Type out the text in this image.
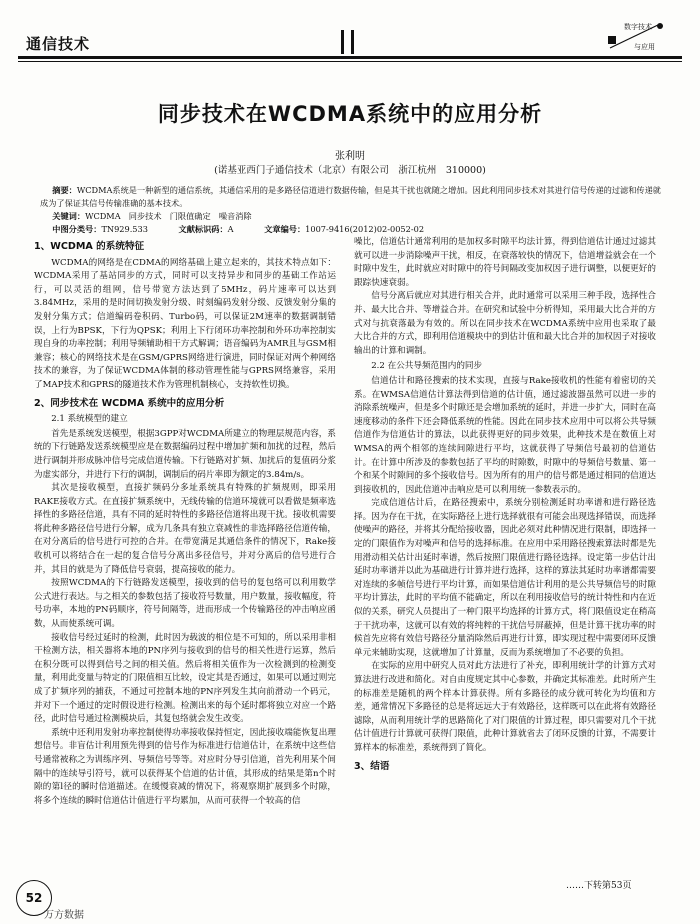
通信技术
数字技术
与应用
同步技术在WCDMA系统中的应用分析
张利明
(诺基亚西门子通信技术（北京）有限公司　浙江杭州　310000)

摘要：WCDMA系统是一种新型的通信系统，其通信采用的是多路径信道进行数据传输，但是其干扰也就随之增加。因此利用同步技术对其进行信号传递的过滤和传递就成为了保证其信号传输准确的基本技术。

关键词：WCDMA　同步技术　门限值确定　噪音消除

中图分类号：TN929.533	文献标识码：A	文章编号：1007-9416(2012)02-0052-02

1、WCDMA 的系统特征

WCDMA的网络是在CDMA的网络基础上建立起来的，其技术特点如下：WCDMA采用了基站同步的方式，同时可以支持异步和同步的基础工作站运行，可以灵活的组网，信号带宽方法达到了5MHz，码片速率可以达到3.84MHz，采用的是时间切换发射分级、时刻编码发射分级、反馈发射分集的发射分集方式；信道编码卷积码、Turbo码，可以保证2M速率的数据调制错误，上行为BPSK，下行为QPSK；利用上下行闭环功率控制和外环功率控制实现自身的功率控制；利用导频辅助相干方式解调；语音编码为AMR且与GSM相兼容；核心的网络技术是在GSM/GPRS网络进行演进，同时保证对两个种网络技术的兼容，为了保证WCDMA体制的移动管理性能与GPRS网络兼容，采用了MAP技术和GPRS的隧道技术作为管理机制核心，支持软性切换。

2、同步技术在 WCDMA 系统中的应用分析
2.1 系统模型的建立

首先是系统发送模型，根据3GPP对WCDMA所建立的物理层规范内容，系统的下行链路发送系统模型应是在数据编码过程中增加扩频和加扰的过程，然后进行调制并形成脉冲信号完成信道传输。下行链路对扩频、加扰后的复值码分浆为虚实部分，并进行下行的调制，调制后的码片率即为额定的3.84m/s。

其次是接收模型，直接扩频码分多址系统具有特殊的扩频规则，即采用RAKE接收方式。在直接扩频系统中，无线传输的信道环境就可以看做是频率选择性的多路径信道，具有不同的延时特性的多路径信道将出现干扰。接收机需要将此种多路径信号进行分解，成为几条具有独立衰减性的非选择路径信道传输，在对分离后的信号进行可控的合并。在带宽满足其通信条件的情况下，Rake接收机可以将结合在一起的复合信号分离出多径信号，并对分离后的信号进行合并，其目的就是为了降低信号衰弱，提高接收的能力。

按照WCDMA的下行链路发送模型，接收到的信号的复包络可以利用数学公式进行表达。与之相关的参数包括了接收符号数量，用户数量，接收幅度，符号功率，本地的PN码顺序，符号间隔等，进而形成一个传输路径的冲击响应函数，从而使系统可调。

接收信号经过延时的检测，此时因为载波的相位是不可知的，所以采用非相干检测方法，相关器将本地的PN序列与接收到的信号的相关性进行运算，然后在积分既可以得到信号之间的相关值。然后将相关值作为一次检测到的检测变量，利用此变量与特定的门限值相互比较，设定其是否通过，如果可以通过则完成了扩频序列的捕获，不通过可控制本地的PN序列发生其向前滑动一个码元，并对下一个通过的定时假设进行检测。检测出来的每个延时都将独立对应一个路径，此时信号通过检测模块后，其复包络就会发生改变。

系统中还利用发射功率控制使得功率接收保持恒定，因此接收端能恢复出理想信号。非盲估计利用预先得到的信号作为标准进行信道估计，在系统中这些信号通常被称之为训练序列、导频信号等等。对应时分导引信道，首先利用某个间隔中的连续导引符号，就可以获得某个信道的估计值，其形成的结果是第n个时隙的第l径的瞬时信道描述。在缓慢衰减的情况下，将观察期扩展到多个时隙，将多个连续的瞬时信道估计值进行平均累加，从而可获得一个较高的信

噪比，信道估计通常利用的是加权多时隙平均法计算，得到信道估计通过过滤其就可以进一步消除噪声干扰，相反，在衰落较快的情况下，信道增益就会在一个时隙中发生，此时就应对时隙中的符号间隔改变加权因子进行调整，以便更好的跟踪快速衰弱。

信号分离后就应对其进行相关合并，此时通常可以采用三种手段，选择性合并、最大比合并、等增益合并。在研究和试验中分析得知，采用最大比合并的方式对与抗衰落最为有效的。所以在同步技术在WCDMA系统中应用也采取了最大比合并的方式，即利用信道模块中的到估计值和最大比合并的加权因子对接收输出的计算和调制。

2.2 在公共导频范围内的同步

信道估计和路径搜索的技术实现，直接与Rake接收机的性能有着密切的关系。在WMSA信道估计算法得到信道的估计值，通过滤波器虽然可以进一步的消除系统噪声，但是多个时隙还是会增加系统的延时，并进一步扩大，同时在高速度移动的条件下还会降低系统的性能。因此在同步技术应用中可以将公共导频信道作为信道估计的算法，以此获得更好的同步效果，此种技术是在数值上对WMSA的两个相邻的连续间隙进行平均，这就获得了导频信号最初的信道估计。在计算中所涉及的参数包括了平均的时隙数，时隙中的导频信号数量、第一个和某个时隙间的多个接收信号。因为所有的用户的信号都是通过相同的信道达到接收机的，因此信道冲击响应是可以利用统一参数表示的。

完成信道估计后，在路径搜索中，系统分别检测延时功率谱和进行路径选择。因为存在干扰，在实际路径上进行选择就很有可能会出现选择错误，而选择使噪声的路径，并将其分配给接收器，因此必须对此种情况进行限制，即选择一定的门限值作为对噪声和信号的选择标准。在应用中采用路径搜索算法时都是先用滑动相关估计出延时率谱，然后按照门限值进行路径选择。设定第一步估计出延时功率谱并以此为基础进行计算并进行选择，这样的算法其延时功率谱都需要对连续的多帧信号进行平均计算，而如果信道估计利用的是公共导频信号的时隙平均计算法，此时的平均值不能确定，所以在利用接收信号的统计特性和内在近似的关系，研究人员提出了一种门限平均选择的计算方式，将门限值设定在稍高于干扰功率，这就可以有效的将纯粹的干扰信号屏蔽掉，但是计算干扰功率的时候首先应将有效信号路径分量消除然后再进行计算，即实现过程中需要闭环反馈单元来辅助实现，这就增加了计算量，反而为系统增加了不必要的负担。

在实际的应用中研究人员对此方法进行了补充，即利用统计学的计算方式对算法进行改进和简化。对自由度规定其中心参数，并确定其标准差。此时所产生的标准差是随机的两个样本计算获得。所有多路径的成分就可转化为均值和方差，通常情况下多路径的总是将远远大于有效路径，这样既可以在此将有效路径滤除，从而利用统计学的思路简化了对门限值的计算过程，即只需要对几个干扰估计值进行计算就可获得门限值，此种计算就省去了闭环反馈的计算，不需要计算样本的标准差，系统得到了简化。

3、结语
……下转第53页
52
万方数据
